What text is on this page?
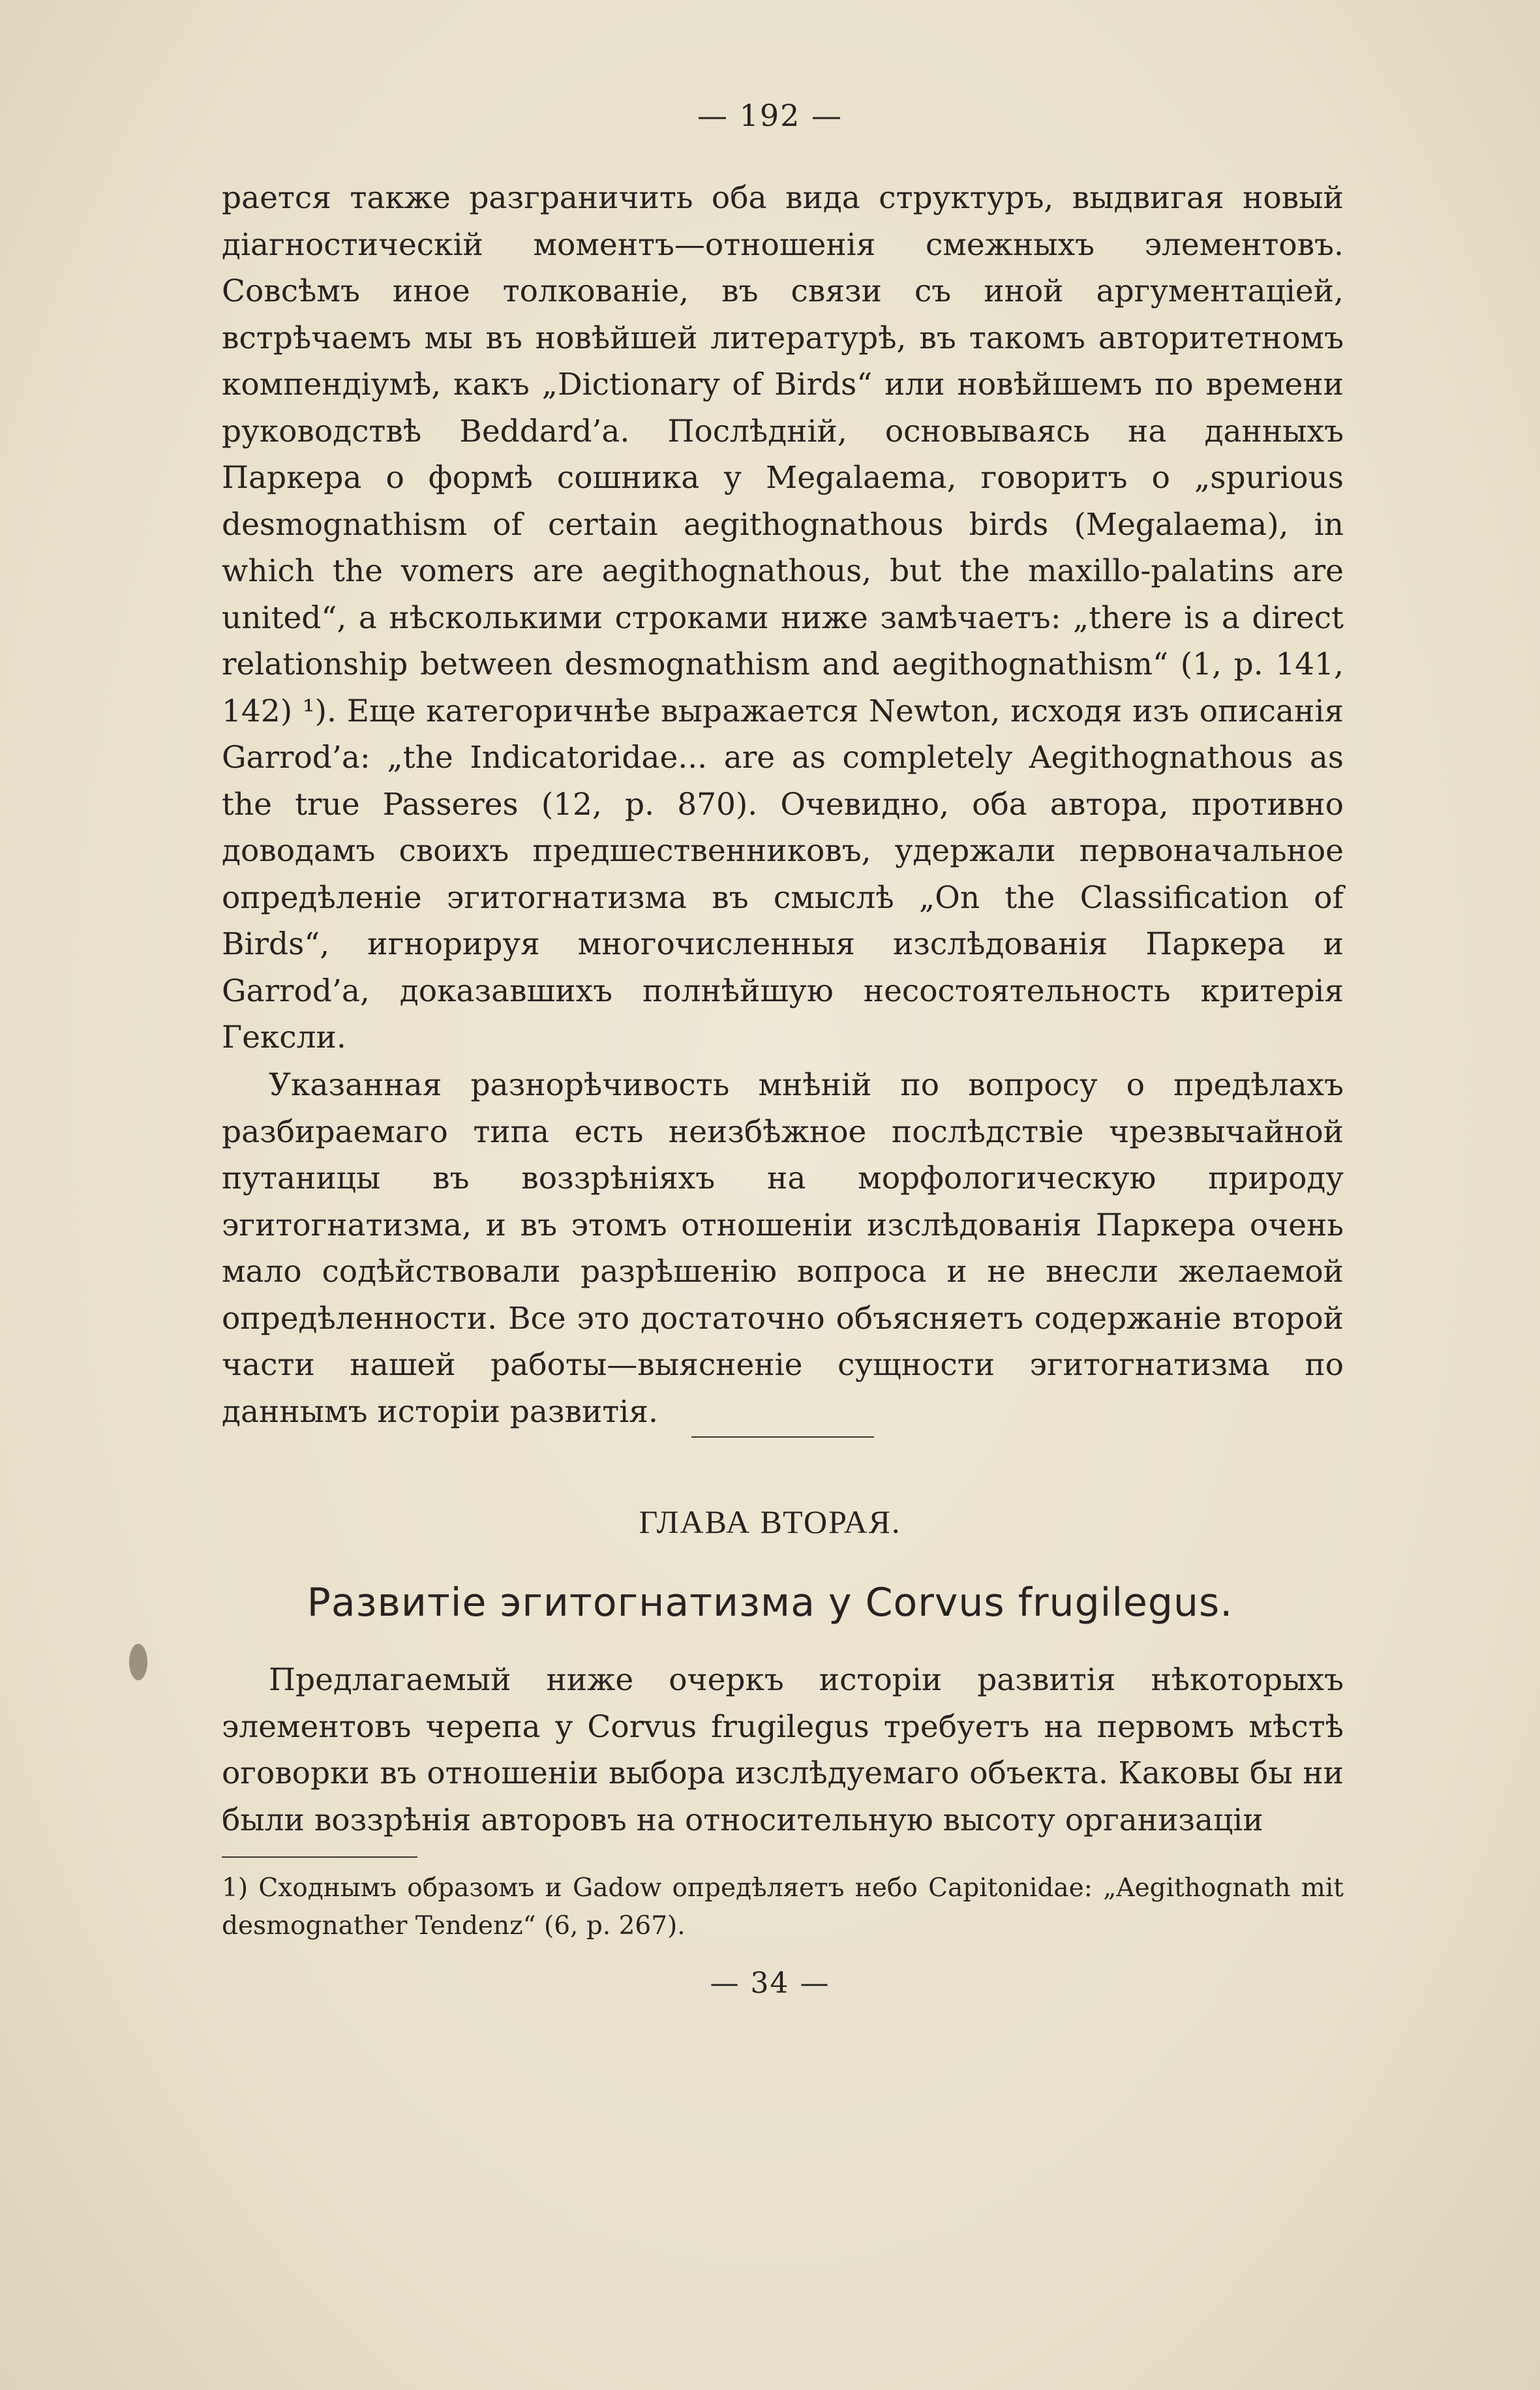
— 192 —

рается также разграничить оба вида структуръ, выдвигая новый діагностическій моментъ—отношенія смежныхъ элементовъ. Совсѣмъ иное толкованіе, въ связи съ иной аргументаціей, встрѣчаемъ мы въ новѣйшей литературѣ, въ такомъ авторитетномъ компендіумѣ, какъ „Dictionary of Birds“ или новѣйшемъ по времени руководствѣ Beddard’а. Послѣдній, основываясь на данныхъ Паркера о формѣ сошника у Megalaema, говоритъ о „spurious desmognathism of certain aegithognathous birds (Megalaema), in which the vomers are aegithognathous, but the maxillo-palatins are united“, а нѣсколькими строками ниже замѣчаетъ: „there is a direct relationship between desmognathism and aegithognathism“ (1, p. 141, 142) ¹). Еще категоричнѣе выражается Newton, исходя изъ описанія Garrod’а: „the Indicatoridae... are as completely Aegithognathous as the true Passeres (12, p. 870). Очевидно, оба автора, противно доводамъ своихъ предшественниковъ, удержали первоначальное опредѣленіе эгитогнатизма въ смыслѣ „On the Classification of Birds“, игнорируя многочисленныя изслѣдованія Паркера и Garrod’а, доказавшихъ полнѣйшую несостоятельность критерія Гексли.

Указанная разнорѣчивость мнѣній по вопросу о предѣлахъ разбираемаго типа есть неизбѣжное послѣдствіе чрезвычайной путаницы въ воззрѣніяхъ на морфологическую природу эгитогнатизма, и въ этомъ отношеніи изслѣдованія Паркера очень мало содѣйствовали разрѣшенію вопроса и не внесли желаемой опредѣленности. Все это достаточно объясняетъ содержаніе второй части нашей работы—выясненіе сущности эгитогнатизма по даннымъ исторіи развитія.

ГЛАВА ВТОРАЯ.
Развитіе эгитогнатизма у Corvus frugilegus.

Предлагаемый ниже очеркъ исторіи развитія нѣкоторыхъ элементовъ черепа у Corvus frugilegus требуетъ на первомъ мѣстѣ оговорки въ отношеніи выбора изслѣдуемаго объекта. Каковы бы ни были воззрѣнія авторовъ на относительную высоту организаціи

1) Сходнымъ образомъ и Gadow опредѣляетъ небо Capitonidae: „Aegithognath mit desmognather Tendenz“ (6, p. 267).

— 34 —
